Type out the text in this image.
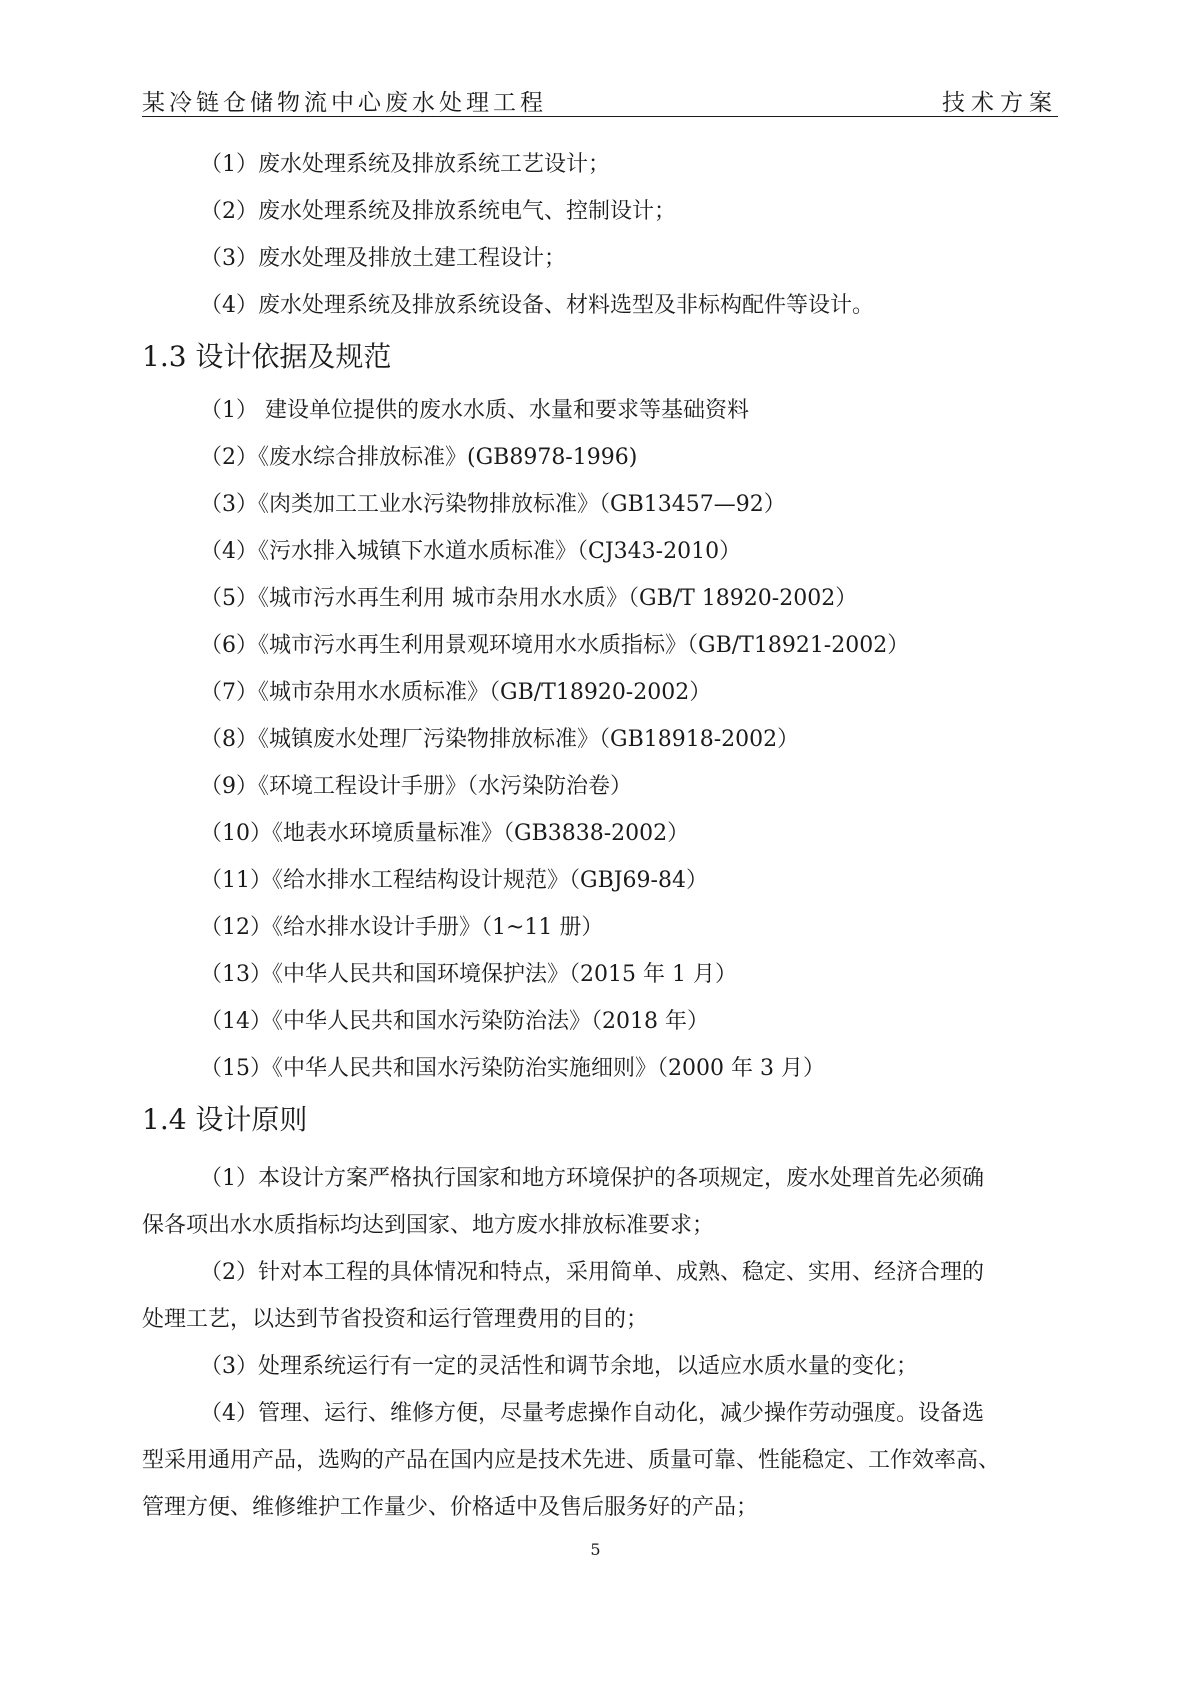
某冷链仓储物流中心废水处理工程	技术方案
（1）废水处理系统及排放系统工艺设计；
（2）废水处理系统及排放系统电气、控制设计；
（3）废水处理及排放土建工程设计；
（4）废水处理系统及排放系统设备、材料选型及非标构配件等设计。
1.3 设计依据及规范
（1） 建设单位提供的废水水质、水量和要求等基础资料
（2）《废水综合排放标准》(GB8978-1996)
（3）《肉类加工工业水污染物排放标准》（GB13457—92）
（4）《污水排入城镇下水道水质标准》（CJ343-2010）
（5）《城市污水再生利用 城市杂用水水质》（GB/T 18920-2002）
（6）《城市污水再生利用景观环境用水水质指标》（GB/T18921-2002）
（7）《城市杂用水水质标准》（GB/T18920-2002）
（8）《城镇废水处理厂污染物排放标准》（GB18918-2002）
（9）《环境工程设计手册》（水污染防治卷）
（10）《地表水环境质量标准》（GB3838-2002）
（11）《给水排水工程结构设计规范》（GBJ69-84）
（12）《给水排水设计手册》（1~11 册）
（13）《中华人民共和国环境保护法》（2015 年 1 月）
（14）《中华人民共和国水污染防治法》（2018 年）
（15）《中华人民共和国水污染防治实施细则》（2000 年 3 月）
1.4 设计原则
（1）本设计方案严格执行国家和地方环境保护的各项规定，废水处理首先必须确
保各项出水水质指标均达到国家、地方废水排放标准要求；
（2）针对本工程的具体情况和特点，采用简单、成熟、稳定、实用、经济合理的
处理工艺，以达到节省投资和运行管理费用的目的；
（3）处理系统运行有一定的灵活性和调节余地，以适应水质水量的变化；
（4）管理、运行、维修方便，尽量考虑操作自动化，减少操作劳动强度。设备选
型采用通用产品，选购的产品在国内应是技术先进、质量可靠、性能稳定、工作效率高、
管理方便、维修维护工作量少、价格适中及售后服务好的产品；
5
